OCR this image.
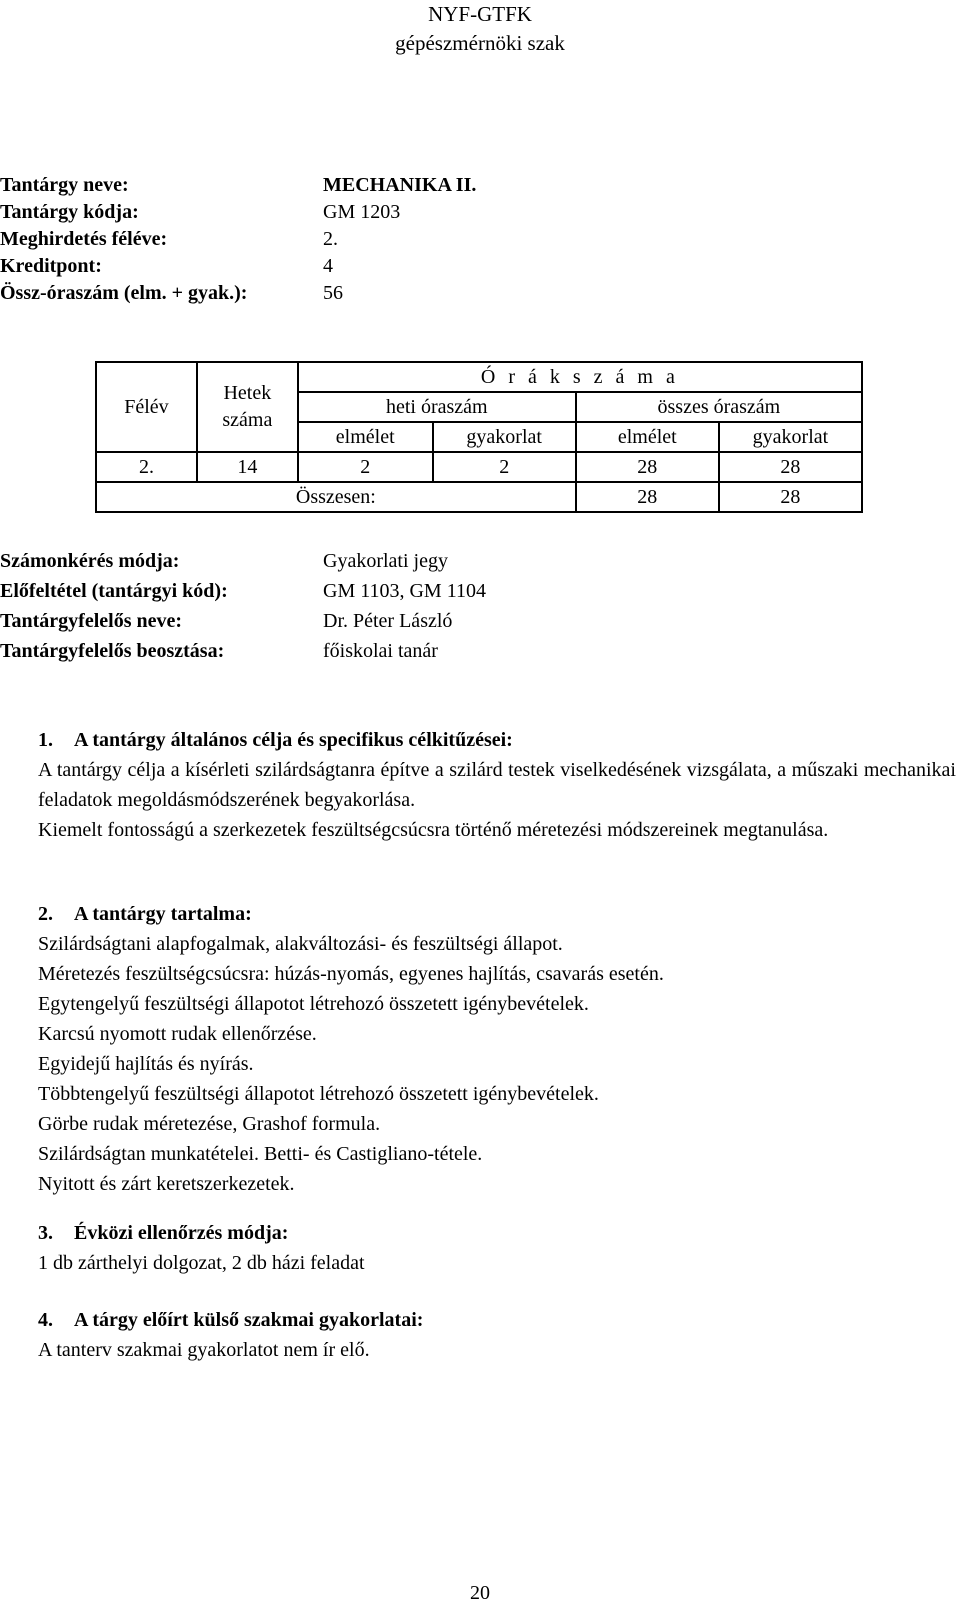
NYF-GTFK
gépészmérnöki szak
Tantárgy neve:	MECHANIKA II.
Tantárgy kódja:	GM 1203
Meghirdetés féléve:	2.
Kreditpont:	4
Össz-óraszám (elm. + gyak.):	56
Félév	Hetek száma	Ó r á k s z á m a			
		heti óraszám		összes óraszám	
		elmélet	gyakorlat	elmélet	gyakorlat
2.	14	2	2	28	28
Összesen:				28	28
Számonkérés módja:	Gyakorlati jegy
Előfeltétel (tantárgyi kód):	GM 1103, GM 1104
Tantárgyfelelős neve:	Dr. Péter László
Tantárgyfelelős beosztása:	főiskolai tanár
1. A tantárgy általános célja és specifikus célkitűzései:
A tantárgy célja a kísérleti szilárdságtanra építve a szilárd testek viselkedésének vizsgálata, a műszaki mechanikai feladatok megoldásmódszerének begyakorlása.
Kiemelt fontosságú a szerkezetek feszültségcsúcsra történő méretezési módszereinek megtanulása.
2. A tantárgy tartalma:
Szilárdságtani alapfogalmak, alakváltozási- és feszültségi állapot.
Méretezés feszültségcsúcsra: húzás-nyomás, egyenes hajlítás, csavarás esetén.
Egytengelyű feszültségi állapotot létrehozó összetett igénybevételek.
Karcsú nyomott rudak ellenőrzése.
Egyidejű hajlítás és nyírás.
Többtengelyű feszültségi állapotot létrehozó összetett igénybevételek.
Görbe rudak méretezése, Grashof formula.
Szilárdságtan munkatételei. Betti- és Castigliano-tétele.
Nyitott és zárt keretszerkezetek.
3. Évközi ellenőrzés módja:
1 db zárthelyi dolgozat, 2 db házi feladat
4. A tárgy előírt külső szakmai gyakorlatai:
A tanterv szakmai gyakorlatot nem ír elő.
20
